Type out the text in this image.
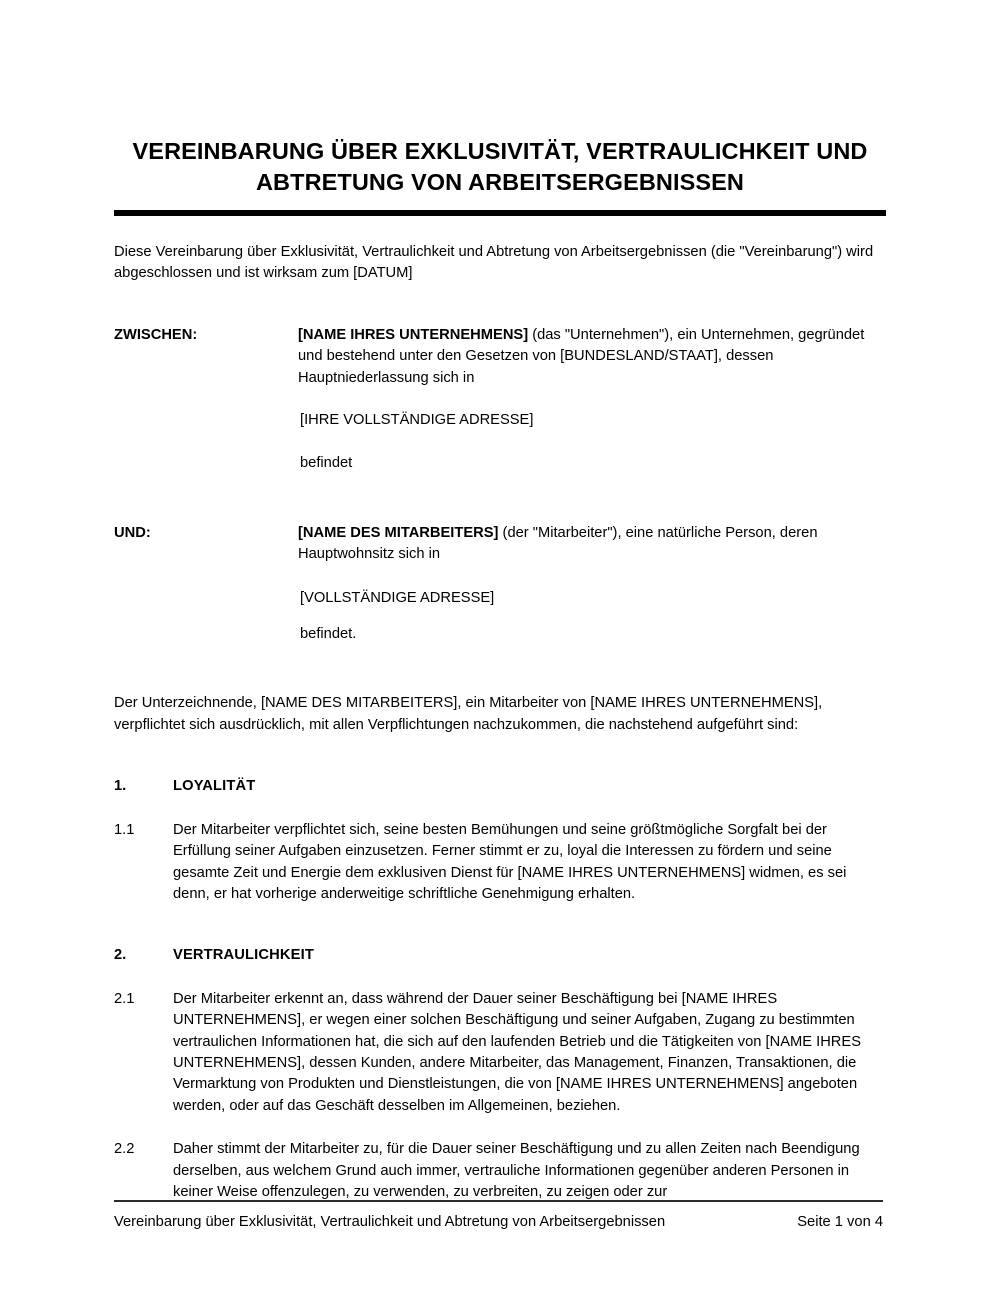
VEREINBARUNG ÜBER EXKLUSIVITÄT, VERTRAULICHKEIT UND ABTRETUNG VON ARBEITSERGEBNISSEN

Diese Vereinbarung über Exklusivität, Vertraulichkeit und Abtretung von Arbeitsergebnissen (die "Vereinbarung") wird abgeschlossen und ist wirksam zum [DATUM]

ZWISCHEN:	[NAME IHRES UNTERNEHMENS] (das "Unternehmen"), ein Unternehmen, gegründet und bestehend unter den Gesetzen von [BUNDESLAND/STAAT], dessen Hauptniederlassung sich in

[IHRE VOLLSTÄNDIGE ADRESSE]

befindet

UND:	[NAME DES MITARBEITERS] (der "Mitarbeiter"), eine natürliche Person, deren Hauptwohnsitz sich in

[VOLLSTÄNDIGE ADRESSE]

befindet.

Der Unterzeichnende, [NAME DES MITARBEITERS], ein Mitarbeiter von [NAME IHRES UNTERNEHMENS], verpflichtet sich ausdrücklich, mit allen Verpflichtungen nachzukommen, die nachstehend aufgeführt sind:

1.	LOYALITÄT
1.1	Der Mitarbeiter verpflichtet sich, seine besten Bemühungen und seine größtmögliche Sorgfalt bei der Erfüllung seiner Aufgaben einzusetzen. Ferner stimmt er zu, loyal die Interessen zu fördern und seine gesamte Zeit und Energie dem exklusiven Dienst für [NAME IHRES UNTERNEHMENS] widmen, es sei denn, er hat vorherige anderweitige schriftliche Genehmigung erhalten.
2.	VERTRAULICHKEIT
2.1	Der Mitarbeiter erkennt an, dass während der Dauer seiner Beschäftigung bei [NAME IHRES UNTERNEHMENS], er wegen einer solchen Beschäftigung und seiner Aufgaben, Zugang zu bestimmten vertraulichen Informationen hat, die sich auf den laufenden Betrieb und die Tätigkeiten von [NAME IHRES UNTERNEHMENS], dessen Kunden, andere Mitarbeiter, das Management, Finanzen, Transaktionen, die Vermarktung von Produkten und Dienstleistungen, die von [NAME IHRES UNTERNEHMENS] angeboten werden, oder auf das Geschäft desselben im Allgemeinen, beziehen.
2.2	Daher stimmt der Mitarbeiter zu, für die Dauer seiner Beschäftigung und zu allen Zeiten nach Beendigung derselben, aus welchem Grund auch immer, vertrauliche Informationen gegenüber anderen Personen in keiner Weise offenzulegen, zu verwenden, zu verbreiten, zu zeigen oder zur
Vereinbarung über Exklusivität, Vertraulichkeit und Abtretung von Arbeitsergebnissen	Seite 1 von 4
